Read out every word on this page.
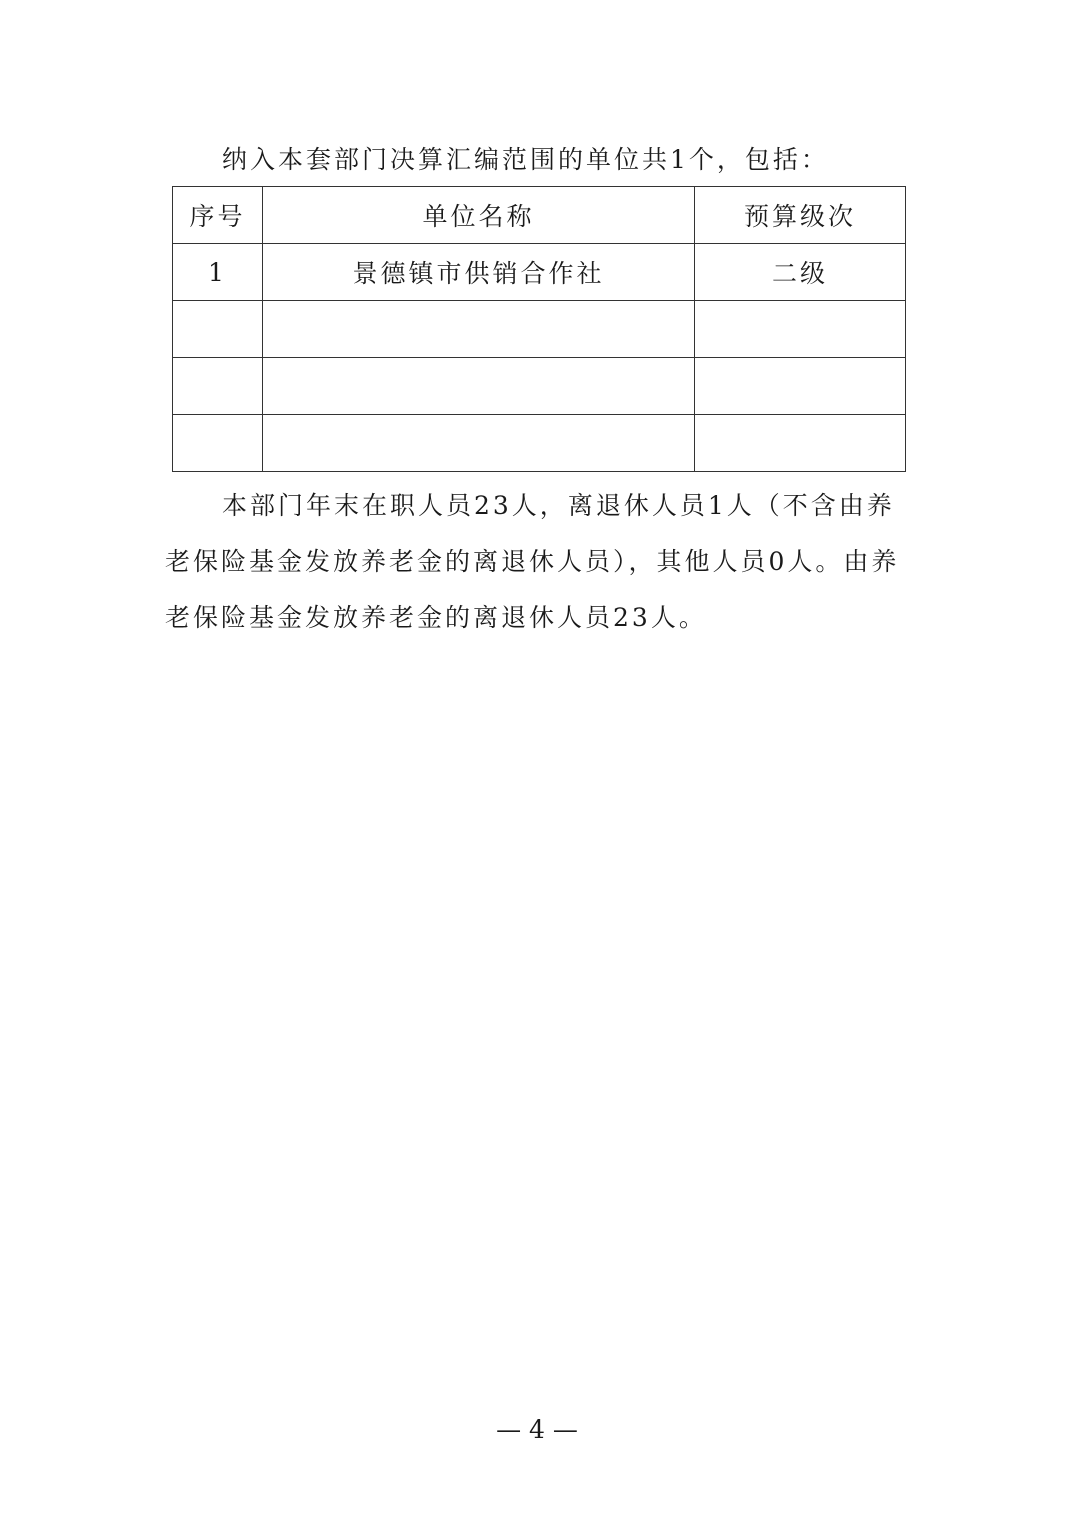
纳入本套部门决算汇编范围的单位共1个，包括：
序号	单位名称	预算级次
1	景德镇市供销合作社	二级

本部门年末在职人员23人，离退休人员1人（不含由养老保险基金发放养老金的离退休人员），其他人员0人。由养老保险基金发放养老金的离退休人员23人。

— 4 —
